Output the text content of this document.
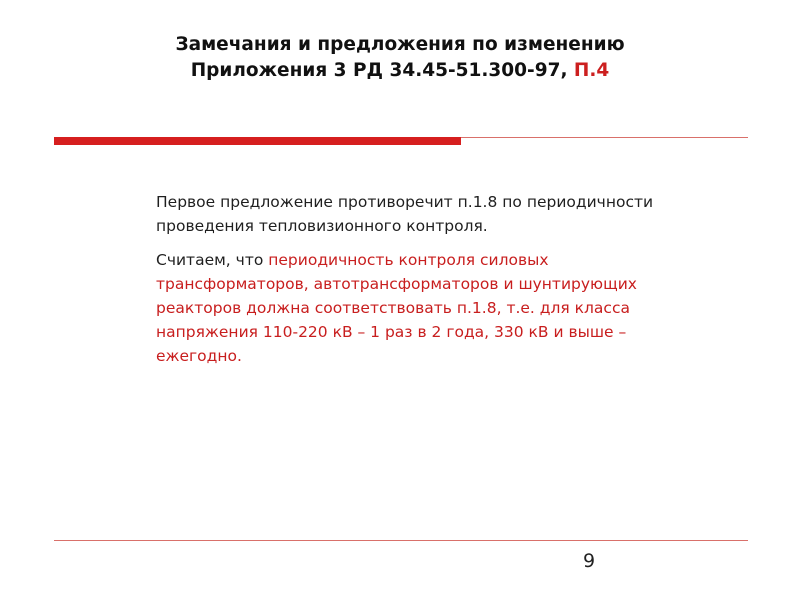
Замечания и предложения по изменению
Приложения 3 РД 34.45-51.300-97, П.4

Первое предложение противоречит п.1.8 по периодичности проведения тепловизионного контроля.

Считаем, что периодичность контроля силовых трансформаторов, автотрансформаторов и шунтирующих реакторов должна соответствовать п.1.8, т.е. для класса напряжения 110-220 кВ – 1 раз в 2 года, 330 кВ и выше – ежегодно.

9
